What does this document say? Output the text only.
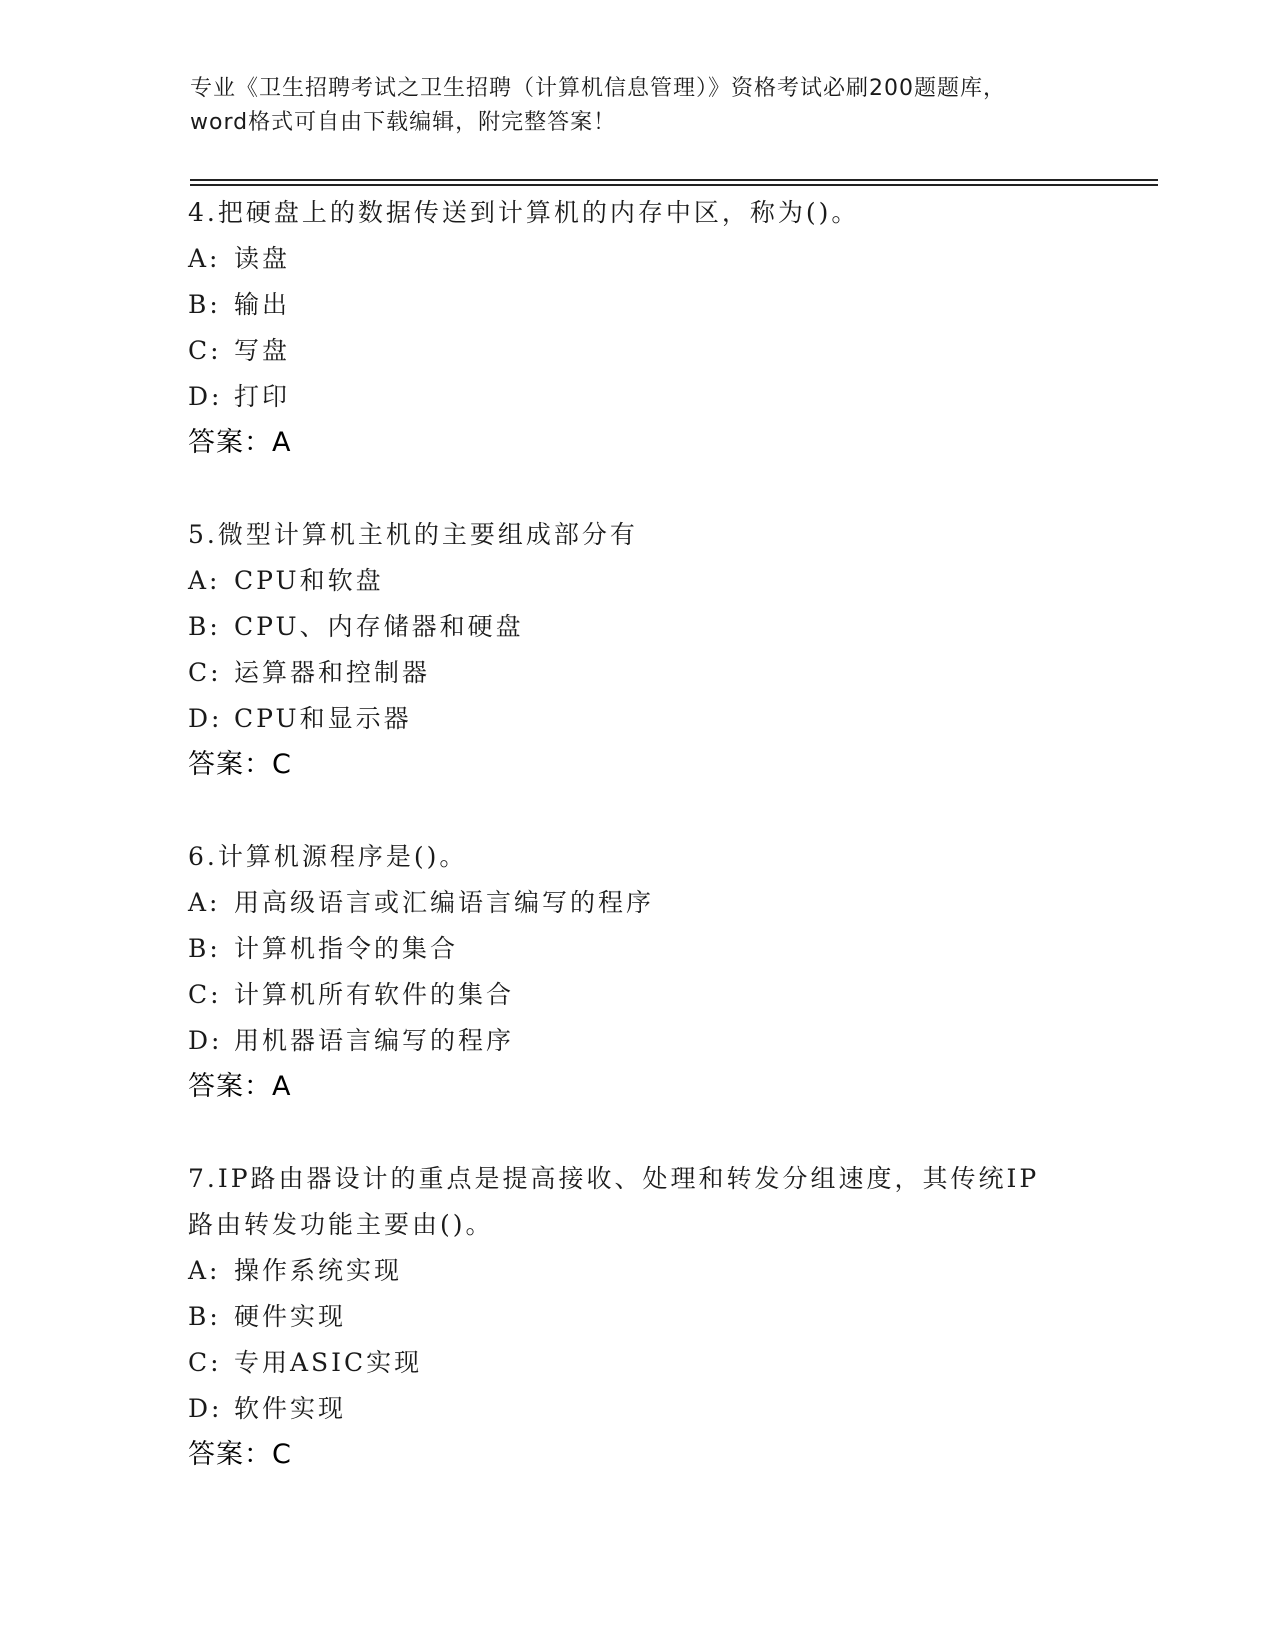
专业《卫生招聘考试之卫生招聘（计算机信息管理）》资格考试必刷200题题库，
word格式可自由下载编辑，附完整答案！
4.把硬盘上的数据传送到计算机的内存中区，称为()。
A: 读盘
B: 输出
C: 写盘
D: 打印
答案：A
5.微型计算机主机的主要组成部分有
A: CPU和软盘
B: CPU、内存储器和硬盘
C: 运算器和控制器
D: CPU和显示器
答案：C
6.计算机源程序是()。
A: 用高级语言或汇编语言编写的程序
B: 计算机指令的集合
C: 计算机所有软件的集合
D: 用机器语言编写的程序
答案：A
7.IP路由器设计的重点是提高接收、处理和转发分组速度，其传统IP
路由转发功能主要由()。
A: 操作系统实现
B: 硬件实现
C: 专用ASIC实现
D: 软件实现
答案：C
